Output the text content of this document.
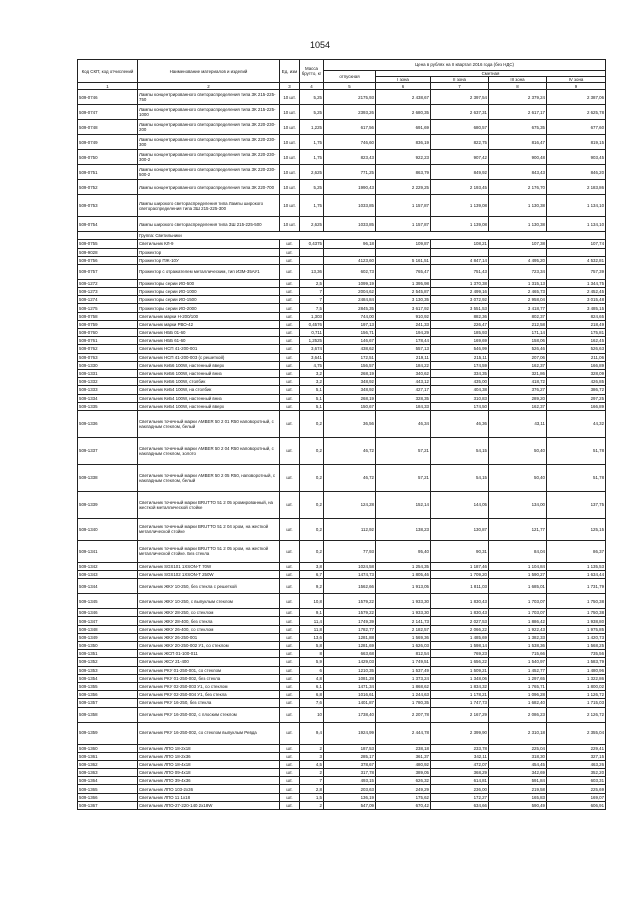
1054
Код СКП; код отчислений	Наименование материалов и изделий	Ед. изм	Масса брутто, кг	Цена в рублях на II квартал 2016 года (без НДС)				
				отпускная	Сметная			
					I зона	II зона	III зона	IV зона

1	2	3	4	5	6	7	8	9
509-0746	Лампы концентрированного светораспределения типа ЗК 215-225-750	10 шт.	5,25	2175,93	2 438,67	2 397,54	2 379,24	2 387,06
509-0747	Лампы концентрированного светораспределения типа ЗК 215-225-1000	10 шт.	5,25	2393,26	2 680,35	2 637,31	2 617,17	2 625,78
509-0748	Лампы концентрированного светораспределения типа ЗК 220-230-200	10 шт.	1,225	617,56	691,69	680,57	675,35	677,60
509-0749	Лампы концентрированного светораспределения типа ЗК 220-230-300	10 шт.	1,75	746,60	836,19	822,75	816,47	819,15
509-0750	Лампы концентрированного светораспределения типа ЗК 220-230-300-2	10 шт.	1,75	823,43	922,23	907,42	900,48	903,45
509-0751	Лампы концентрированного светораспределения типа ЗК 220-230-500-2	10 шт.	2,625	771,25	863,79	849,92	843,43	846,20
509-0752	Лампы концентрированного светораспределения типа ЗК 220-700	10 шт.	5,25	1990,43	2 229,25	2 193,45	2 176,70	2 183,86
509-0753	Лампы широкого светораспределения типа Лампы широкого светораспределения типа ЗШ 215-225-300	10 шт.	1,75	1033,85	1 157,87	1 139,08	1 130,38	1 134,10
509-0754	Лампы широкого светораспределения типа ЗШ 215-225-500	10 шт.	2,625	1033,85	1 157,87	1 139,08	1 130,38	1 134,10
	Группа: Светильники							
509-0755	Светильник КЛ-9	шт.	0,4375	96,18	109,87	108,21	107,38	107,74
509-9028	Прожектор	шт.						
509-0756	Прожектор ПЖ-10У	шт.		4123,60	5 161,51	4 847,14	4 495,20	4 532,81
509-0757	Прожектор с отражателем металлическим, тип ИЗМ-35АУ1	шт.	13,36	602,73	765,47	751,43	723,34	757,39
509-1272	Прожекторы серии ИО-500	шт.	2,5	1099,19	1 395,98	1 370,38	1 315,13	1 344,75
509-1273	Прожекторы серии ИО-1000	шт.	7	2004,62	2 545,87	2 499,16	2 465,73	2 452,45
509-1274	Прожекторы серии ИО-1500	шт.	7	2484,84	3 130,35	3 072,92	2 958,04	3 015,48
509-1275	Прожекторы серии ИО-2000	шт.	7,5	2845,35	3 617,92	3 551,53	3 418,77	3 485,15
509-0758	Светильник марки Н-200/100	шт.	1,303	744,00	910,92	882,36	802,37	824,65
509-0759	Светильник марки РВО-42	шт.	0,4576	197,13	241,33	226,47	212,58	218,49
509-0760	Светильник НББ 01-60	шт.	0,711	156,71	194,29	185,93	171,14	175,81
509-0761	Светильник НББ 61-60	шт.	1,2525	146,67	178,44	169,69	158,06	162,45
509-0762	Светильник НСП 41-200-001	шт.	3,674	438,62	557,13	546,99	526,46	526,63
509-0763	Светильник НСП 41-200-003 (с решеткой)	шт.	3,641	172,51	219,11	215,11	207,06	211,06
509-1330	Светильник КеБ6 100W, настенный вверх	шт.	4,75	156,57	184,22	174,59	162,37	166,89
509-1331	Светильник КеБ6 100W, настенный вниз	шт.	3,2	268,19	340,62	334,35	321,86	328,09
509-1332	Светильник КеБ6 100W, столбик	шт.	3,2	348,92	443,12	435,00	418,72	426,85
509-1333	Светильник КеБ4 100W, на столбик	шт.	5,1	348,92	427,17	404,38	376,27	386,72
509-1334	Светильник КеБ4 100W, настенный вниз	шт.	5,1	268,19	328,35	310,83	289,20	297,25
509-1335	Светильник КеБ4 100W, настенный вверх	шт.	5,1	150,67	184,33	174,50	162,37	166,89
509-1336	Светильник точечный марки AMBER 50 2 01 R50 наповоротный, с накладным стеклом, белый	шт.	0,2	36,56	46,34	46,36	43,11	44,32
509-1337	Светильник точечный марки AMBER 50 2 04 R50 наповоротный, с накладным стеклом, золото	шт.	0,2	46,72	57,21	54,15	50,40	51,78
509-1338	Светильник точечный марки AMBER 50 2 05 R50, наповоротный, с накладным стеклом, белый	шт.	0,2	46,72	57,21	54,15	50,40	51,78
509-1339	Светильник точечный марки BRUTTO 51 2 05 хромированный, на жесткой металлической стойке	шт.	0,2	124,28	152,14	144,05	134,00	137,75
509-1340	Светильник точечный марки BRUTTO 51 2 04 хром, на жесткой металлической стойке	шт.	0,2	112,92	138,23	130,87	121,77	125,15
509-1341	Светильник точечный марки BRUTTO 51 2 05 хром, на жесткой металлической стойке. Без стекла	шт.	0,2	77,93	95,40	90,31	84,04	86,37
509-1342	Светильник SGS101 1XSON-T 70W	шт.	3,8	1024,58	1 254,35	1 187,46	1 104,84	1 135,53
509-1343	Светильник SGS102 1XSON-T 250W	шт.	6,7	1474,73	1 805,46	1 709,20	1 590,27	1 634,44
509-1344	Светильник ЖКУ 10-250, без стекла с решеткой	шт.	9,2	1562,66	1 913,05	1 811,03	1 685,01	1 731,79
509-1345	Светильник ЖКУ 10-250, с выпуклым стеклом	шт.	10,8	1579,22	1 933,30	1 830,43	1 703,07	1 750,38
509-1346	Светильник ЖКУ 28-250, со стеклом	шт.	9,1	1579,22	1 933,30	1 830,43	1 703,07	1 750,38
509-1347	Светильник ЖКУ 28-400, без стекла	шт.	11,4	1749,39	2 141,73	2 027,53	1 886,42	1 938,80
509-1348	Светильник ЖКУ 26-400, со стеклом	шт.	11,8	1782,77	2 182,57	2 066,22	1 922,43	1 975,85
509-1349	Светильник ЖКУ 26-250-001	шт.	13,6	1281,88	1 569,36	1 485,69	1 382,33	1 420,73
509-1350	Светильник ЖКУ 20-250-002 У1, со стеклом	шт.	5,8	1281,69	1 626,03	1 598,14	1 538,36	1 568,25
509-1351	Светильник ЖСП 01-100-011	шт.	8	663,68	812,54	769,23	715,66	735,56
509-1352	Светильник ЖСУ 21-400	шт.	5,9	1429,03	1 749,51	1 656,22	1 540,97	1 583,79
509-1353	Светильник РКУ 01-250-001, со стеклом	шт.	6	1210,35	1 537,49	1 509,21	1 452,77	1 480,96
509-1354	Светильник РКУ 01-250-002, без стекла	шт.	4,8	1081,28	1 373,24	1 348,06	1 297,65	1 322,86
509-1355	Светильник РКУ 02-250-003 У1, со стеклом	шт.	6,1	1471,34	1 868,62	1 834,32	1 765,71	1 800,02
509-1356	Светильник РКУ 02-250-004 У1, без стекла	шт.	6,8	1016,61	1 244,63	1 178,21	1 096,28	1 126,72
509-1357	Светильник РКУ 16-250, без стекла	шт.	7,6	1401,87	1 780,35	1 747,73	1 682,40	1 715,03
509-1358	Светильник РКУ 16-250-002, с плоским стеклом	шт.	10	1738,40	2 207,78	2 167,29	2 086,23	2 126,72
509-1359	Светильник РКУ 16-250-002, со стеклом выпуклым Ревда	шт.	9,4	1924,99	2 444,78	2 399,90	2 310,18	2 355,04
509-1360	Светильник ЛПО 18-2х18	шт.	2	187,53	238,18	233,78	225,04	229,41
509-1361	Светильник ЛПО 18-2х36	шт.	3	285,17	361,37	342,11	318,30	327,15
509-1362	Светильник ЛПО 18-4х18	шт.	4,5	378,67	480,92	472,07	454,45	463,26
509-1363	Светильник ЛПО 09-4х18	шт.	2	317,78	389,05	368,29	342,69	352,20
509-1364	Светильник ЛПО 39-4х36	шт.	7	493,15	626,32	614,81	591,84	603,31
509-1365	Светильник ЛПО 103-2х36	шт.	2,8	203,63	249,29	236,00	219,58	225,69
509-1366	Светильник ЛПО 11 1х18	шт.	1,5	136,19	175,62	172,27	165,83	169,07
509-1367	Светильник ЛПО-27-220-140 2х18W	шт.	2	547,09	670,42	634,66	590,49	606,91
